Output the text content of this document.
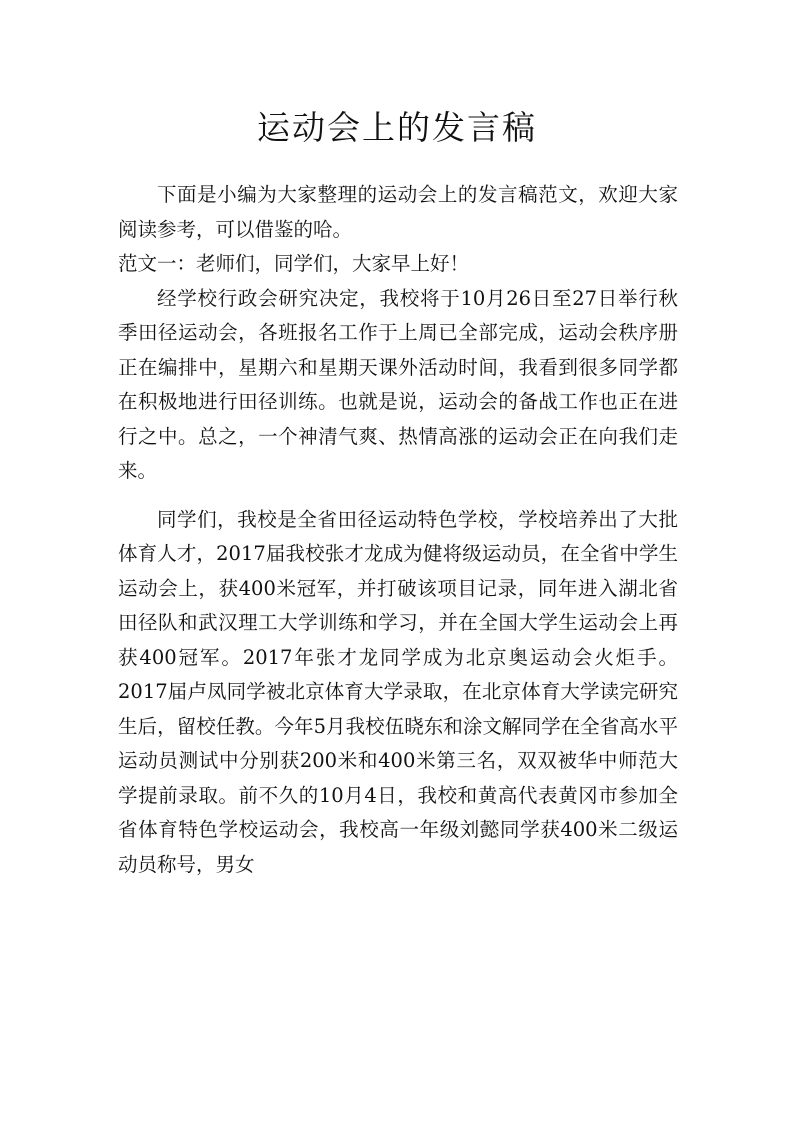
运动会上的发言稿

下面是小编为大家整理的运动会上的发言稿范文，欢迎大家阅读参考，可以借鉴的哈。

范文一：老师们，同学们，大家早上好！

经学校行政会研究决定，我校将于10月26日至27日举行秋季田径运动会，各班报名工作于上周已全部完成，运动会秩序册正在编排中，星期六和星期天课外活动时间，我看到很多同学都在积极地进行田径训练。也就是说，运动会的备战工作也正在进行之中。总之，一个神清气爽、热情高涨的运动会正在向我们走来。

同学们，我校是全省田径运动特色学校，学校培养出了大批体育人才，2017届我校张才龙成为健将级运动员，在全省中学生运动会上，获400米冠军，并打破该项目记录，同年进入湖北省田径队和武汉理工大学训练和学习，并在全国大学生运动会上再获400冠军。2017年张才龙同学成为北京奥运动会火炬手。2017届卢凤同学被北京体育大学录取，在北京体育大学读完研究生后，留校任教。今年5月我校伍晓东和涂文解同学在全省高水平运动员测试中分别获200米和400米第三名，双双被华中师范大学提前录取。前不久的10月4日，我校和黄高代表黄冈市参加全省体育特色学校运动会，我校高一年级刘懿同学获400米二级运动员称号，男女
